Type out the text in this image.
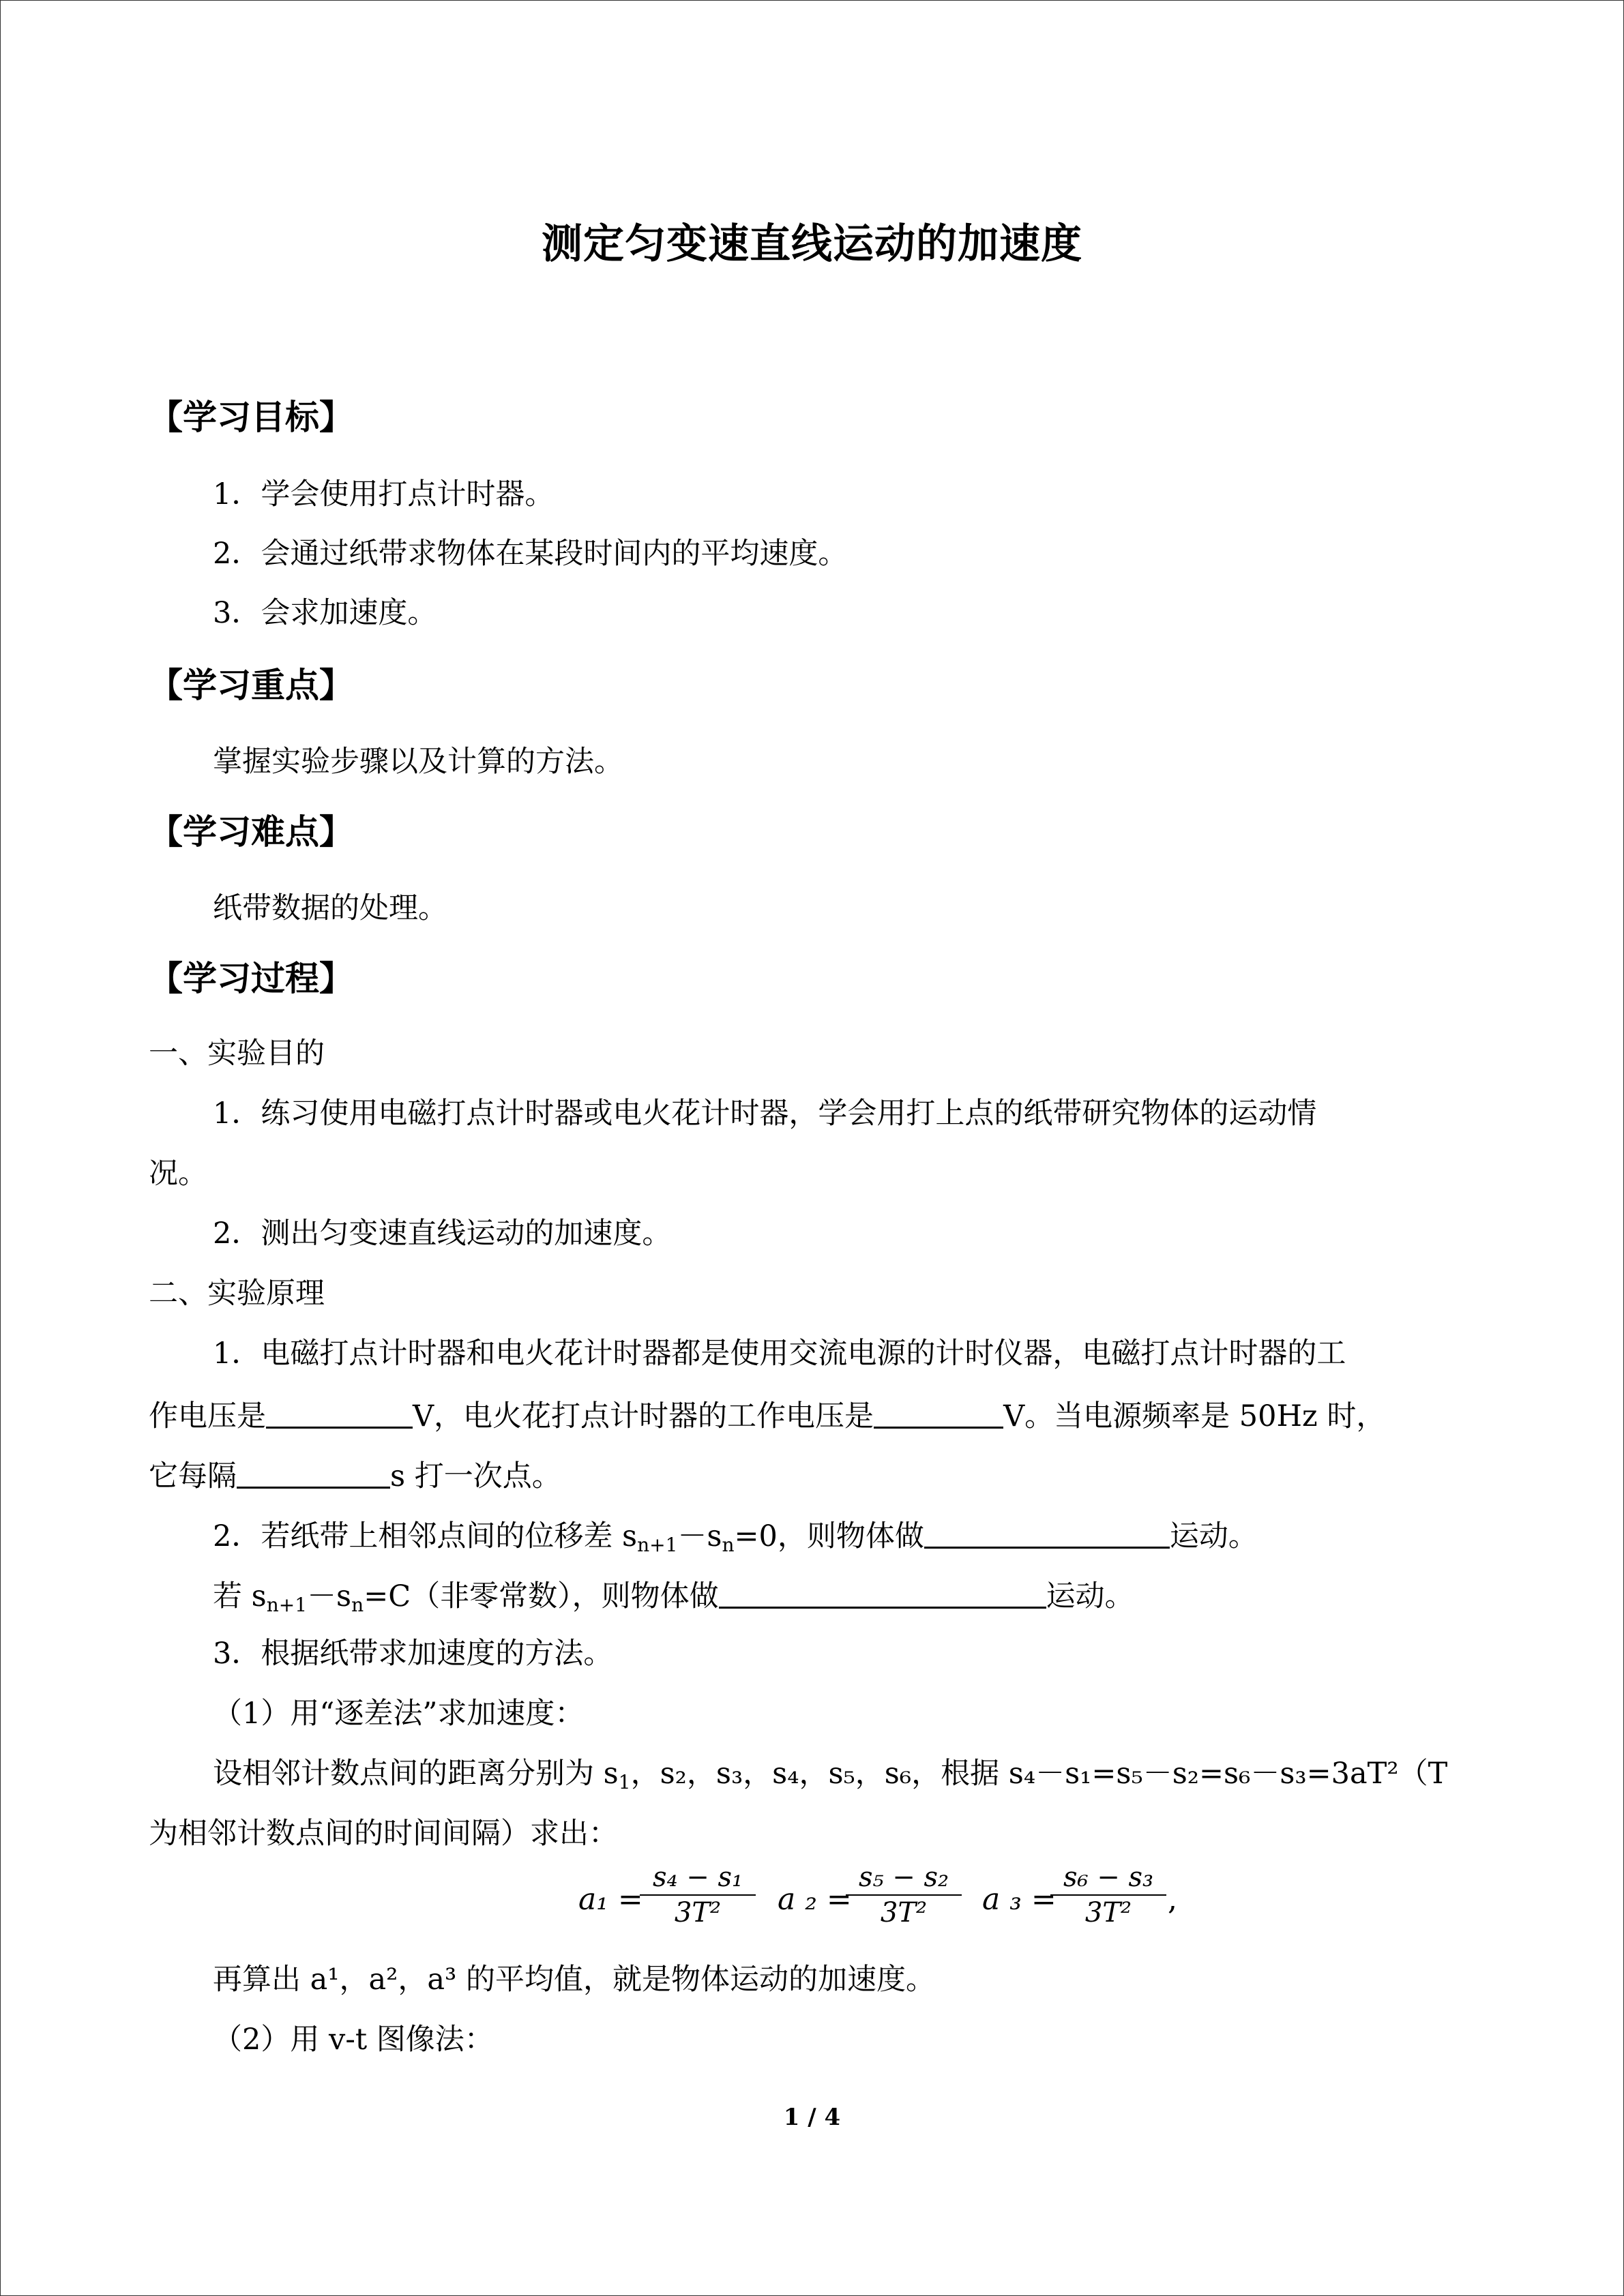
测定匀变速直线运动的加速度
【学习目标】
1．学会使用打点计时器。
2．会通过纸带求物体在某段时间内的平均速度。
3．会求加速度。
【学习重点】
掌握实验步骤以及计算的方法。
【学习难点】
纸带数据的处理。
【学习过程】
一、实验目的
1．练习使用电磁打点计时器或电火花计时器，学会用打上点的纸带研究物体的运动情
况。
2．测出匀变速直线运动的加速度。
二、实验原理
1．电磁打点计时器和电火花计时器都是使用交流电源的计时仪器，电磁打点计时器的工
作电压是	V，电火花打点计时器的工作电压是	V。当电源频率是 50Hz 时，
它每隔	s 打一次点。
2．若纸带上相邻点间的位移差 $s_{n+1}-s_n=0$，则物体做	运动。
若 $s_{n+1}-s_n=C$（非零常数），则物体做	运动。
3．根据纸带求加速度的方法。
（1）用“逐差法”求加速度：
设相邻计数点间的距离分别为 $s_1$，s₂，s₃，s₄，s₅，s₆，根据 s₄－s₁=s₅－s₂=s₆－s₃=3aT²（T
为相邻计数点间的时间间隔）求出：
a₁ =
$\frac{\text{s₄ − s₁}}{\text{3T²}}$ a ₂ =
$\frac{\text{s₅ − s₂}}{\text{3T²}}$ a ₃ =
$\frac{\text{s₆ − s₃}}{\text{3T²}}$ ,
再算出 a¹，a²，a³ 的平均值，就是物体运动的加速度。
（2）用 v-t 图像法：
1 / 4
